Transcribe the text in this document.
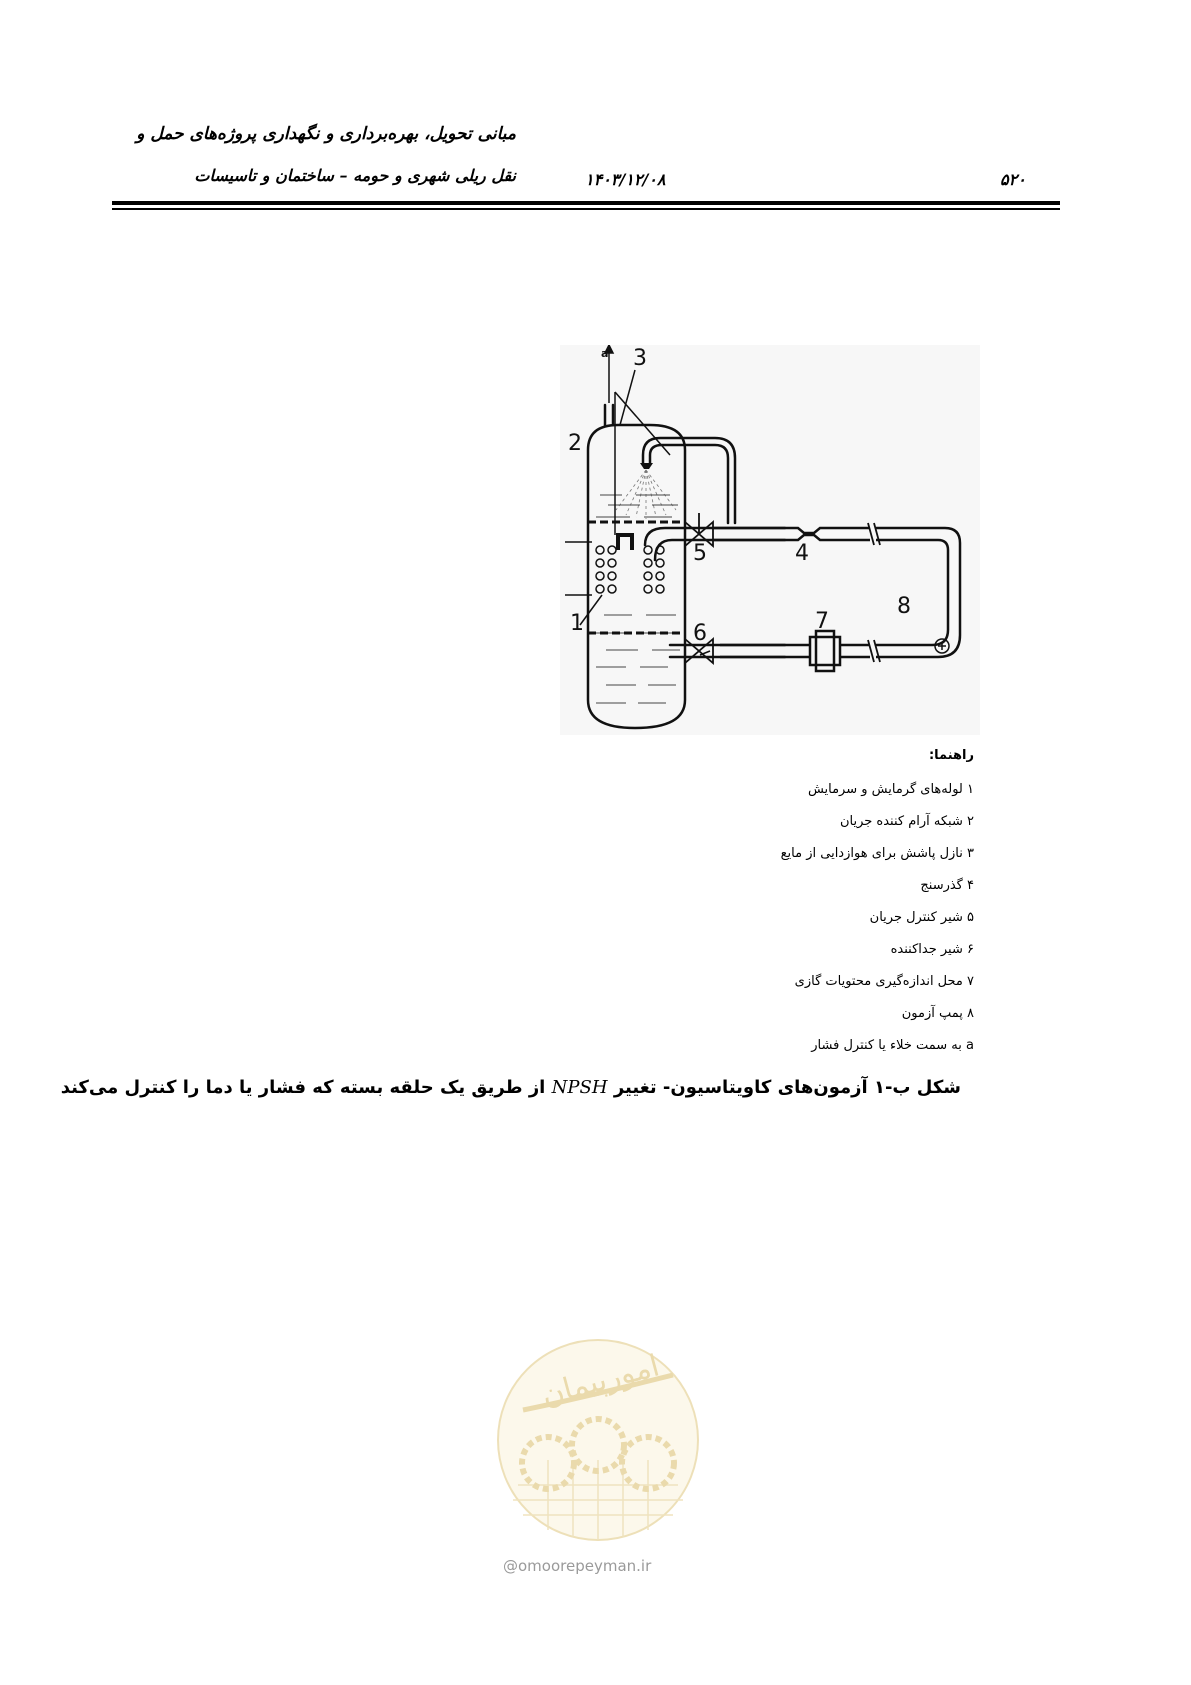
مبانی تحویل، بهره‌برداری و نگهداری پروژه‌های حمل و
نقل ریلی شهری و حومه – ساختمان و تاسیسات	۱۴۰۳/۱۲/۰۸	۵۲۰
a
1
2
3
4
5
6	7
8
راهنما:
۱ لوله‌های گرمایش و سرمایش
۲ شبکه آرام کننده جریان
۳ نازل پاشش برای هوازدایی از مایع
۴ گذرسنج
۵ شیر کنترل جریان
۶ شیر جداکننده
۷ محل اندازه‌گیری محتویات گازی
۸ پمپ آزمون
a به سمت خلاء یا کنترل فشار
شکل ب-۱ آزمون‌های کاویتاسیون- تغییر NPSH از طریق یک حلقه بسته که فشار یا دما را کنترل می‌کند
امورپیمان
@omoorepeyman.ir
